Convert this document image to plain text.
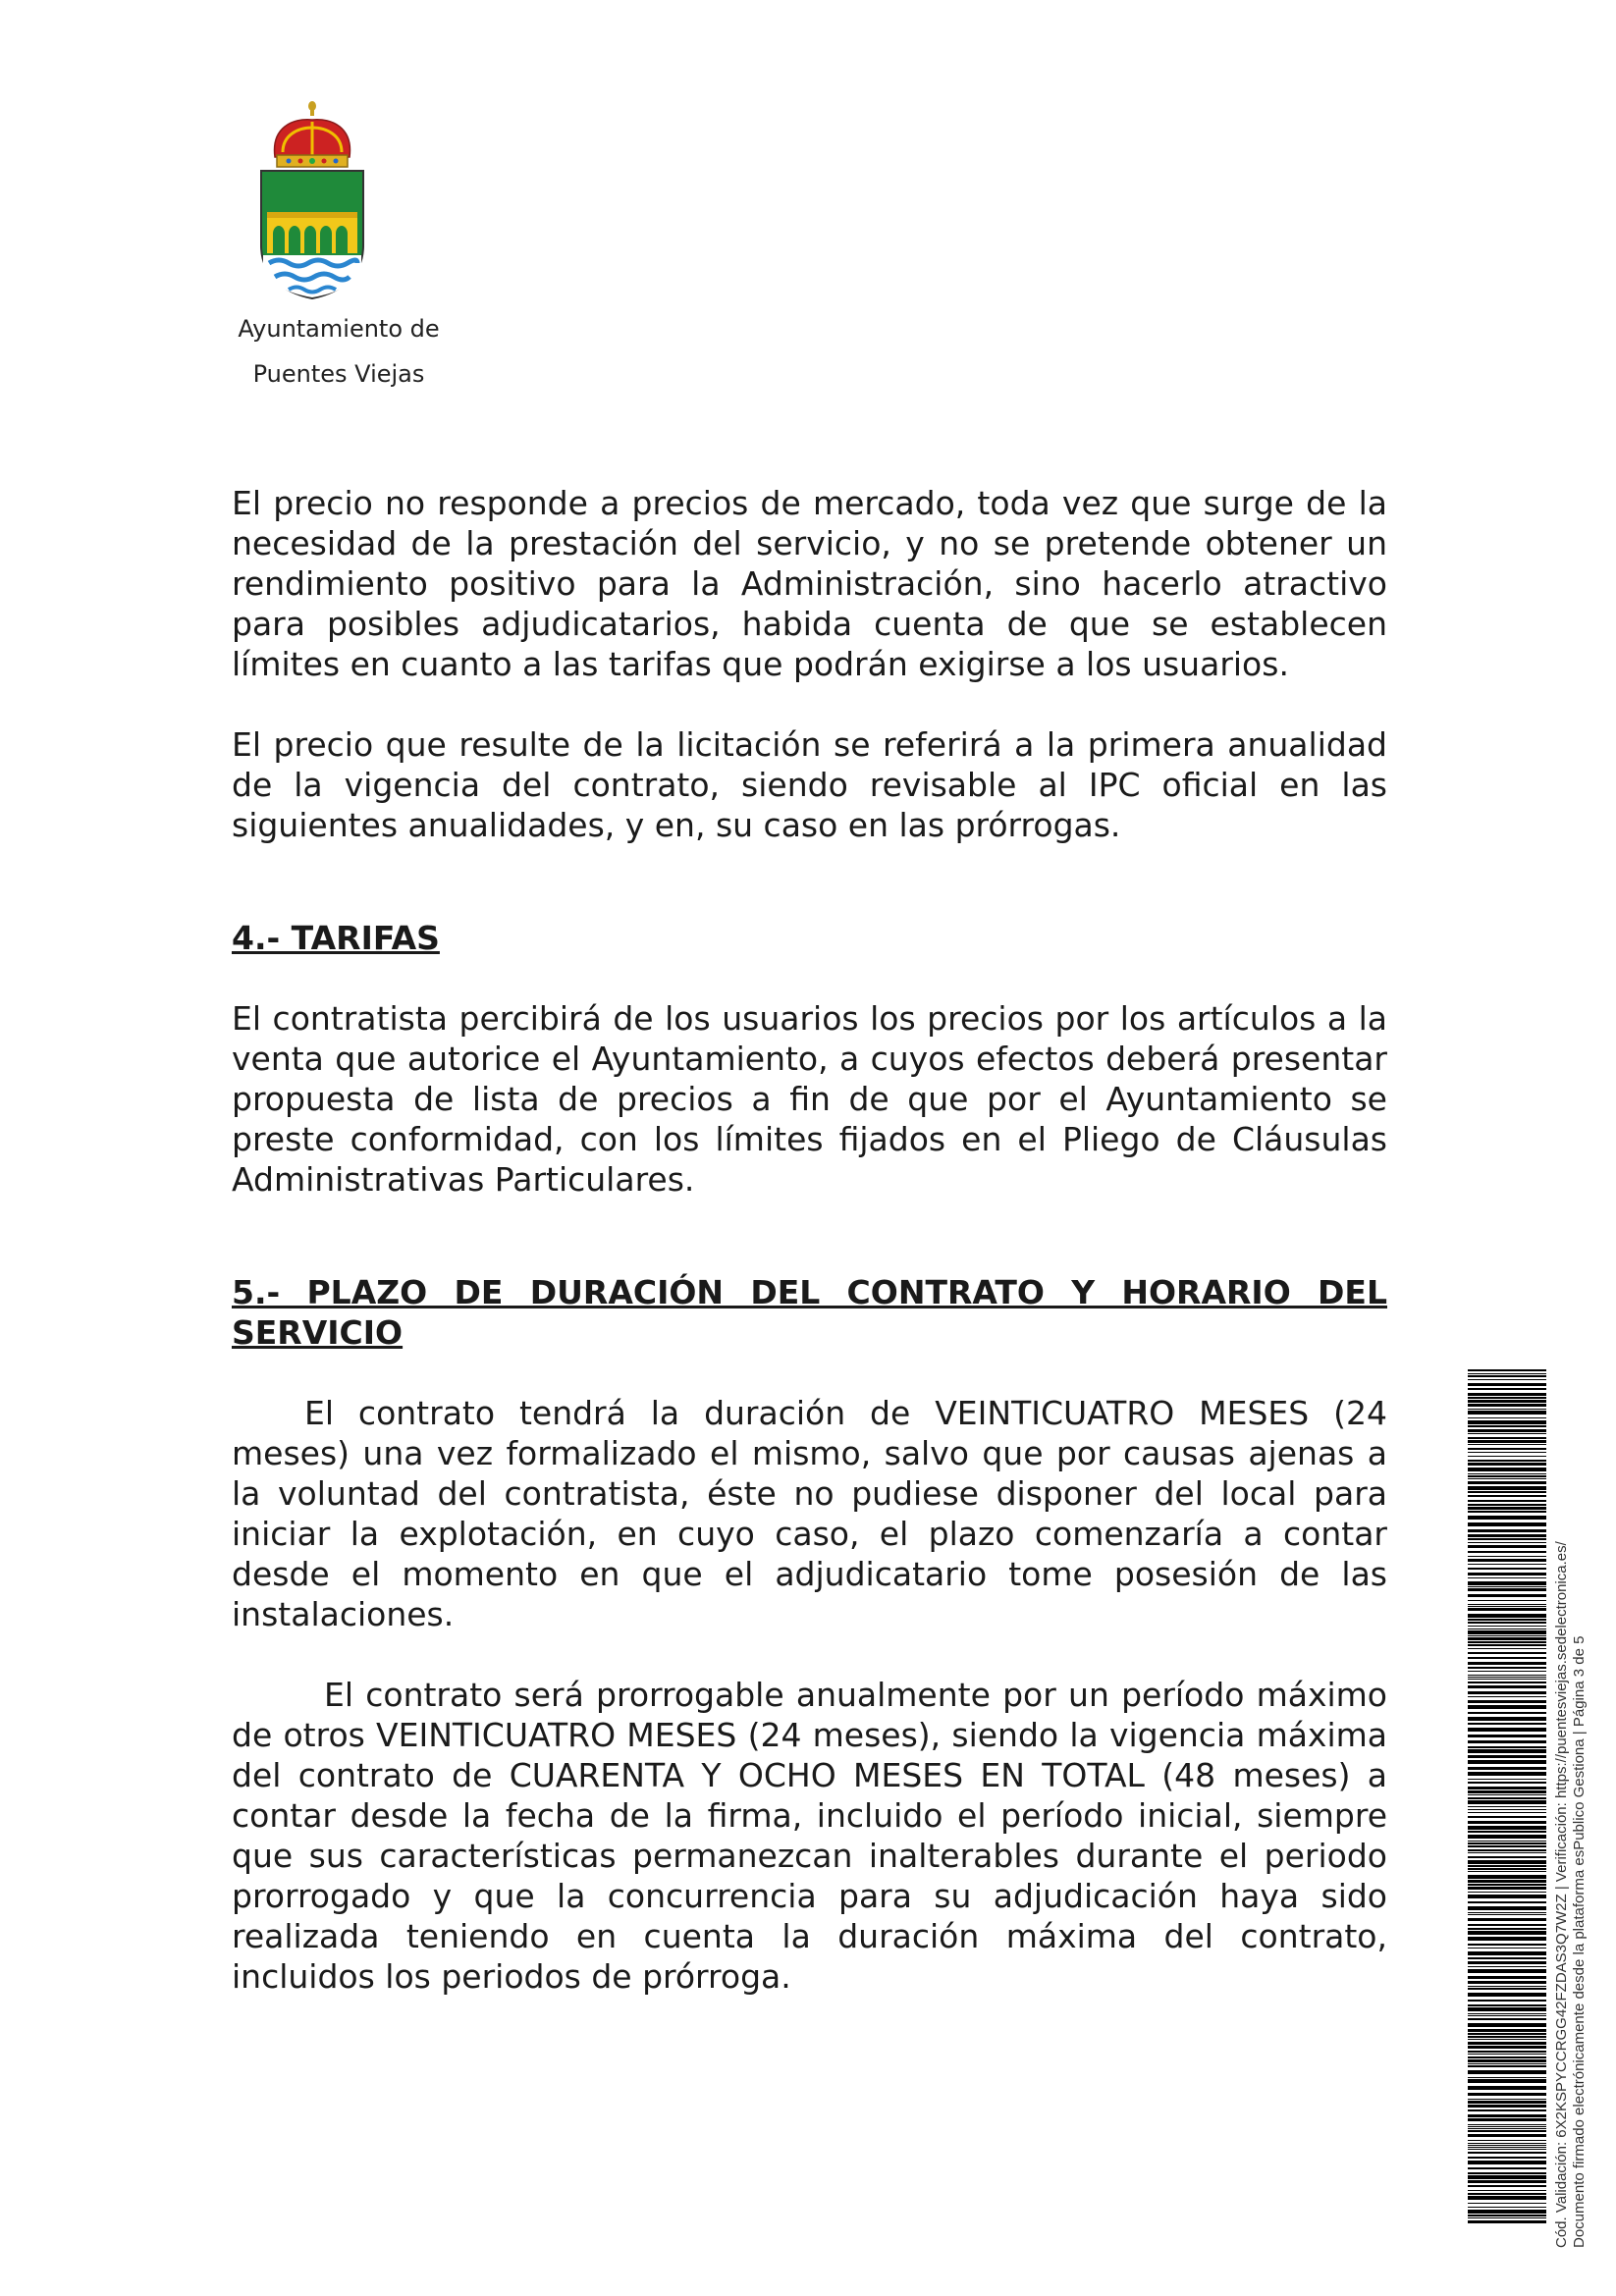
Ayuntamiento de
Puentes Viejas

El precio no responde a precios de mercado, toda vez que surge de la necesidad de la prestación del servicio, y no se pretende obtener un rendimiento positivo para la Administración, sino hacerlo atractivo para posibles adjudicatarios, habida cuenta de que se establecen límites en cuanto a las tarifas que podrán exigirse a los usuarios.

El precio que resulte de la licitación se referirá a la primera anualidad de la vigencia del contrato, siendo revisable al IPC oficial en las siguientes anualidades, y en, su caso en las prórrogas.

4.- TARIFAS

El contratista percibirá de los usuarios los precios por los artículos a la venta que autorice el Ayuntamiento, a cuyos efectos deberá presentar propuesta de lista de precios a fin de que por el Ayuntamiento se preste conformidad, con los límites fijados en el Pliego de Cláusulas Administrativas Particulares.

5.- PLAZO DE DURACIÓN DEL CONTRATO Y HORARIO DEL SERVICIO

El contrato tendrá la duración de VEINTICUATRO MESES (24 meses) una vez formalizado el mismo, salvo que por causas ajenas a la voluntad del contratista, éste no pudiese disponer del local para iniciar la explotación, en cuyo caso, el plazo comenzaría a contar desde el momento en que el adjudicatario tome posesión de las instalaciones.

El contrato será prorrogable anualmente por un período máximo de otros VEINTICUATRO MESES (24 meses), siendo la vigencia máxima del contrato de CUARENTA Y OCHO MESES EN TOTAL (48 meses) a contar desde la fecha de la firma, incluido el período inicial, siempre que sus características permanezcan inalterables durante el periodo prorrogado y que la concurrencia para su adjudicación haya sido realizada teniendo en cuenta la duración máxima del contrato, incluidos los periodos de prórroga.	Cód. Validación: 6X2KSPYCCRGG42FZDAS3Q7W2Z | Verificación: https://puentesviejas.sedelectronica.es/ Documento firmado electrónicamente desde la plataforma esPublico Gestiona | Página 3 de 5
